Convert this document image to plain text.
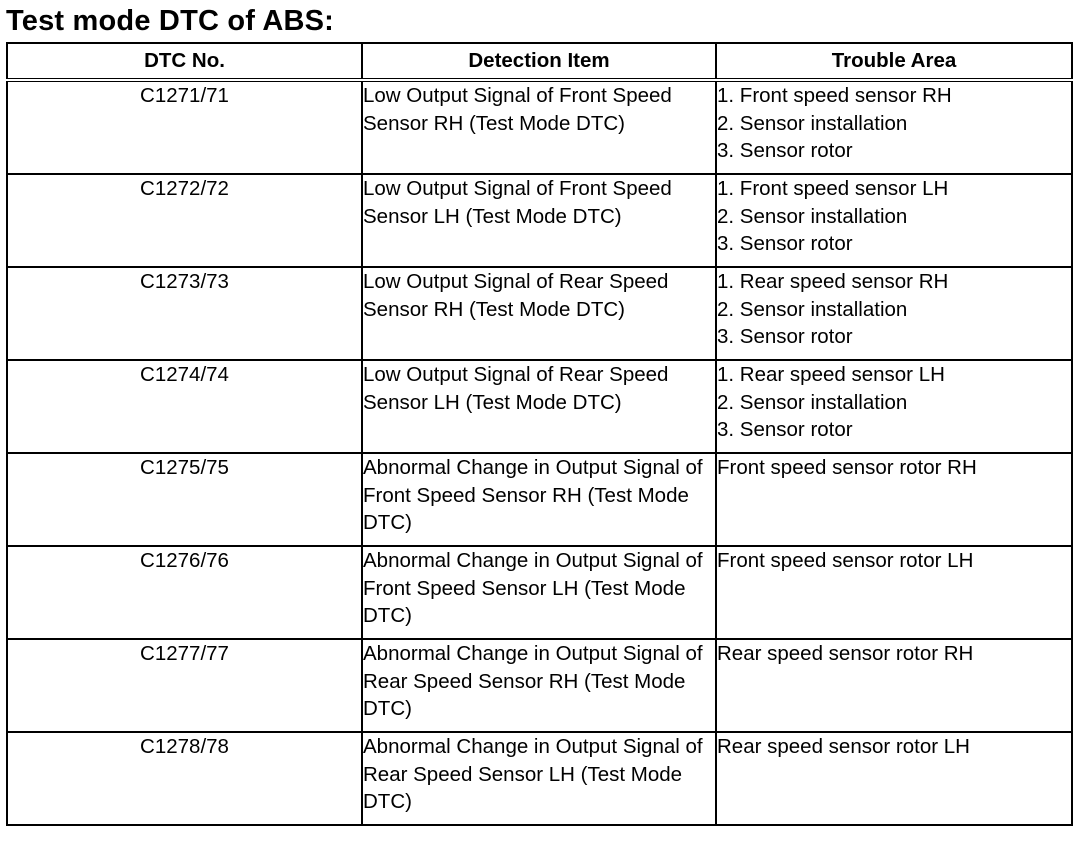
Test mode DTC of ABS:
DTC No.	Detection Item	Trouble Area
C1271/71	Low Output Signal of Front Speed Sensor RH (Test Mode DTC)	1. Front speed sensor RH
2. Sensor installation
3. Sensor rotor

C1272/72	Low Output Signal of Front Speed Sensor LH (Test Mode DTC)	1. Front speed sensor LH
2. Sensor installation
3. Sensor rotor

C1273/73	Low Output Signal of Rear Speed Sensor RH (Test Mode DTC)	1. Rear speed sensor RH
2. Sensor installation
3. Sensor rotor

C1274/74	Low Output Signal of Rear Speed Sensor LH (Test Mode DTC)	1. Rear speed sensor LH
2. Sensor installation
3. Sensor rotor

C1275/75	Abnormal Change in Output Signal of Front Speed Sensor RH (Test Mode DTC)	Front speed sensor rotor RH

C1276/76	Abnormal Change in Output Signal of Front Speed Sensor LH (Test Mode DTC)	Front speed sensor rotor LH

C1277/77	Abnormal Change in Output Signal of Rear Speed Sensor RH (Test Mode DTC)	Rear speed sensor rotor RH

C1278/78	Abnormal Change in Output Signal of Rear Speed Sensor LH (Test Mode DTC)	Rear speed sensor rotor LH
